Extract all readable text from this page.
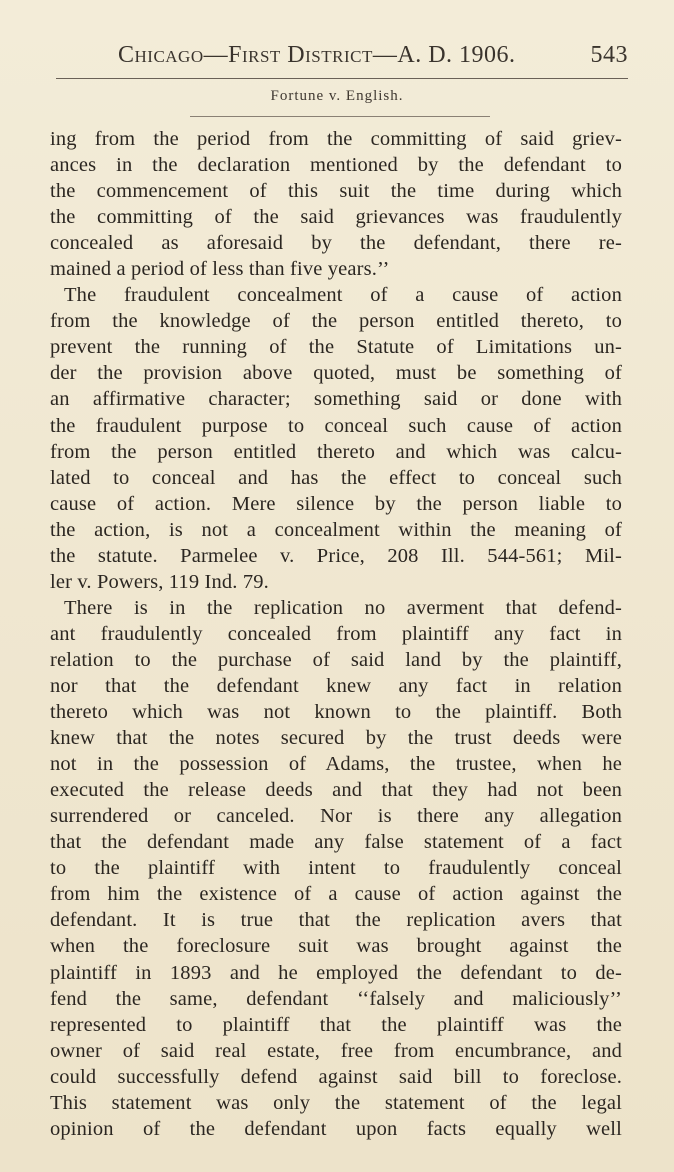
Chicago—First District—A. D. 1906.	543
Fortune v. English.
ing from the period from the committing of said griev-
ances in the declaration mentioned by the defendant to
the commencement of this suit the time during which
the committing of the said grievances was fraudulently
concealed as aforesaid by the defendant, there re-
mained a period of less than five years.’’
The fraudulent concealment of a cause of action
from the knowledge of the person entitled thereto, to
prevent the running of the Statute of Limitations un-
der the provision above quoted, must be something of
an affirmative character; something said or done with
the fraudulent purpose to conceal such cause of action
from the person entitled thereto and which was calcu-
lated to conceal and has the effect to conceal such
cause of action. Mere silence by the person liable to
the action, is not a concealment within the meaning of
the statute. Parmelee v. Price, 208 Ill. 544-561; Mil-
ler v. Powers, 119 Ind. 79.
There is in the replication no averment that defend-
ant fraudulently concealed from plaintiff any fact in
relation to the purchase of said land by the plaintiff,
nor that the defendant knew any fact in relation
thereto which was not known to the plaintiff. Both
knew that the notes secured by the trust deeds were
not in the possession of Adams, the trustee, when he
executed the release deeds and that they had not been
surrendered or canceled. Nor is there any allegation
that the defendant made any false statement of a fact
to the plaintiff with intent to fraudulently conceal
from him the existence of a cause of action against the
defendant. It is true that the replication avers that
when the foreclosure suit was brought against the
plaintiff in 1893 and he employed the defendant to de-
fend the same, defendant ‘‘falsely and maliciously’’
represented to plaintiff that the plaintiff was the
owner of said real estate, free from encumbrance, and
could successfully defend against said bill to foreclose.
This statement was only the statement of the legal
opinion of the defendant upon facts equally well
